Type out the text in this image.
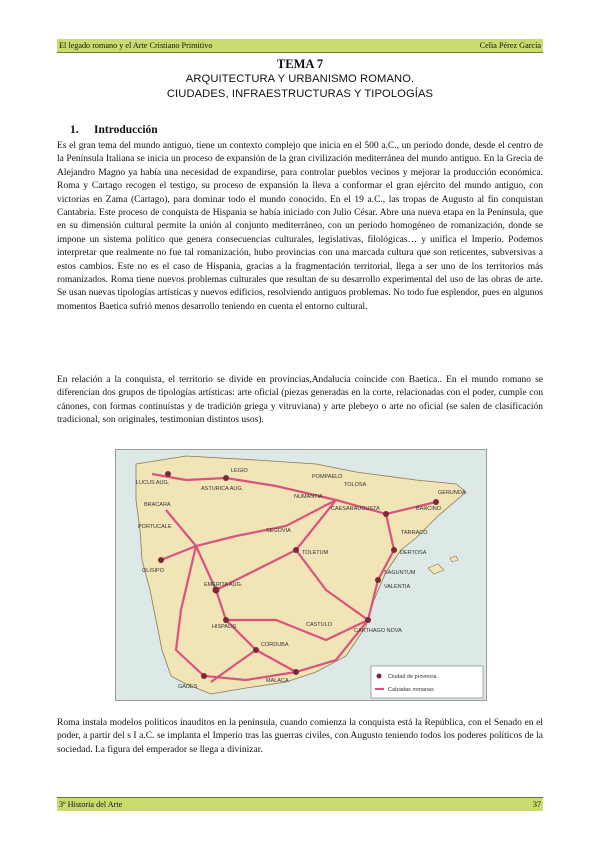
El legado romano y el Arte Cristiano Primitivo	Celia Pérez García
TEMA 7
ARQUITECTURA Y URBANISMO ROMANO.
CIUDADES, INFRAESTRUCTURAS Y TIPOLOGÍAS
1. Introducción

Es el gran tema del mundo antiguo, tiene un contexto complejo que inicia en el 500 a.C., un período donde, desde el centro de la Península Italiana se inicia un proceso de expansión de la gran civilización mediterránea del mundo antiguo. En la Grecia de Alejandro Magno ya había una necesidad de expandirse, para controlar pueblos vecinos y mejorar la producción económica. Roma y Cartago recogen el testigo, su proceso de expansión la lleva a conformar el gran ejército del mundo antiguo, con victorias en Zama (Cartago), para dominar todo el mundo conocido. En el 19 a.C., las tropas de Augusto al fin conquistan Cantabria. Este proceso de conquista de Hispania se había iniciado con Julio César. Abre una nueva etapa en la Península, que en su dimensión cultural permite la unión al conjunto mediterráneo, con un período homogéneo de romanización, donde se impone un sistema político que genera consecuencias culturales, legislativas, filológicas… y unifica el Imperio. Podemos interpretar que realmente no fue tal romanización, hubo provincias con una marcada cultura que son reticentes, subversivas a estos cambios. Este no es el caso de Hispania, gracias a la fragmentación territorial, llega a ser uno de los territorios más romanizados. Roma tiene nuevos problemas culturales que resultan de su desarrollo experimental del uso de las obras de arte. Se usan nuevas tipologías artísticas y nuevos edificios, resolviendo antiguos problemas. No todo fue esplendor, pues en algunos momentos Baetica sufrió menos desarrollo teniendo en cuenta el entorno cultural.

En relación a la conquista, el territorio se divide en provincias,Andalucía coincide con Baetica.. En el mundo romano se diferencian dos grupos de tipologías artísticas: arte oficial (piezas generadas en la corte, relacionadas con el poder, cumple con cánones, con formas continuistas y de tradición griega y vitruviana) y arte plebeyo o arte no oficial (se salen de clasificación tradicional, son originales, testimonian distintos usos).

LUCUS AUG.
BRACARA
ASTURICA AUG.
LEGIO
PORTUCALE
NUMANTIA
CAESARAUGUSTA
TARRACO
DERTOSA
SAGUNTUM
VALENTIA
TOLETUM
EMERITA AUG.
OLISIPO
CORDUBA
HISPALIS
GADES
MALACA
CARTHAGO NOVA
GERUNDA
BARCINO
CASTULO
SEGOVIA
TOLOSA
POMPAELO
Ciudad de provincia
Calzadas romanas

Roma instala modelos políticos inauditos en la península, cuando comienza la conquista está la República, con el Senado en el poder, a partir del s I a.C. se implanta el Imperio tras las guerras civiles, con Augusto teniendo todos los poderes políticos de la sociedad. La figura del emperador se llega a divinizar.

3º Historia del Arte	37
